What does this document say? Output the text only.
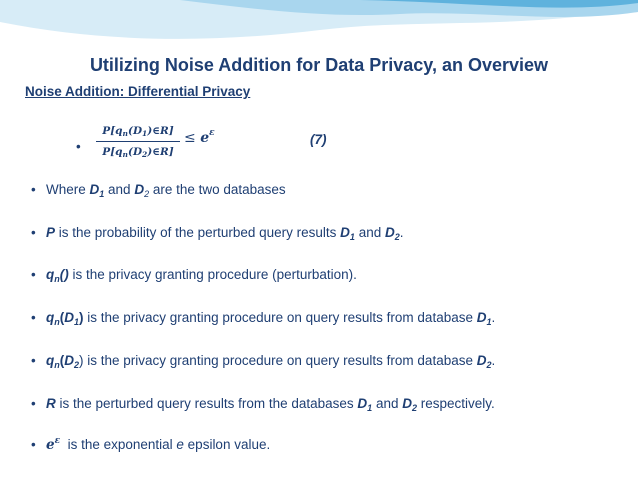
Utilizing Noise Addition for Data Privacy, an Overview
Noise Addition: Differential Privacy
• $\frac{P[q_n(D_1)\in R]}{P[q_n(D_2)\in R]} \le e^\varepsilon$	(7)
• Where $D_1$ and $D_2$ are the two databases
• P is the probability of the perturbed query results $D_1$ and $D_2$.
• $q_n()$ is the privacy granting procedure (perturbation).
• $q_n(D_1)$ is the privacy granting procedure on query results from database $D_1$.
• $q_n(D_2)$ is the privacy granting procedure on query results from database $D_2$.
• R is the perturbed query results from the databases $D_1$ and $D_2$ respectively.
• $e^\varepsilon$  is the exponential e epsilon value.
